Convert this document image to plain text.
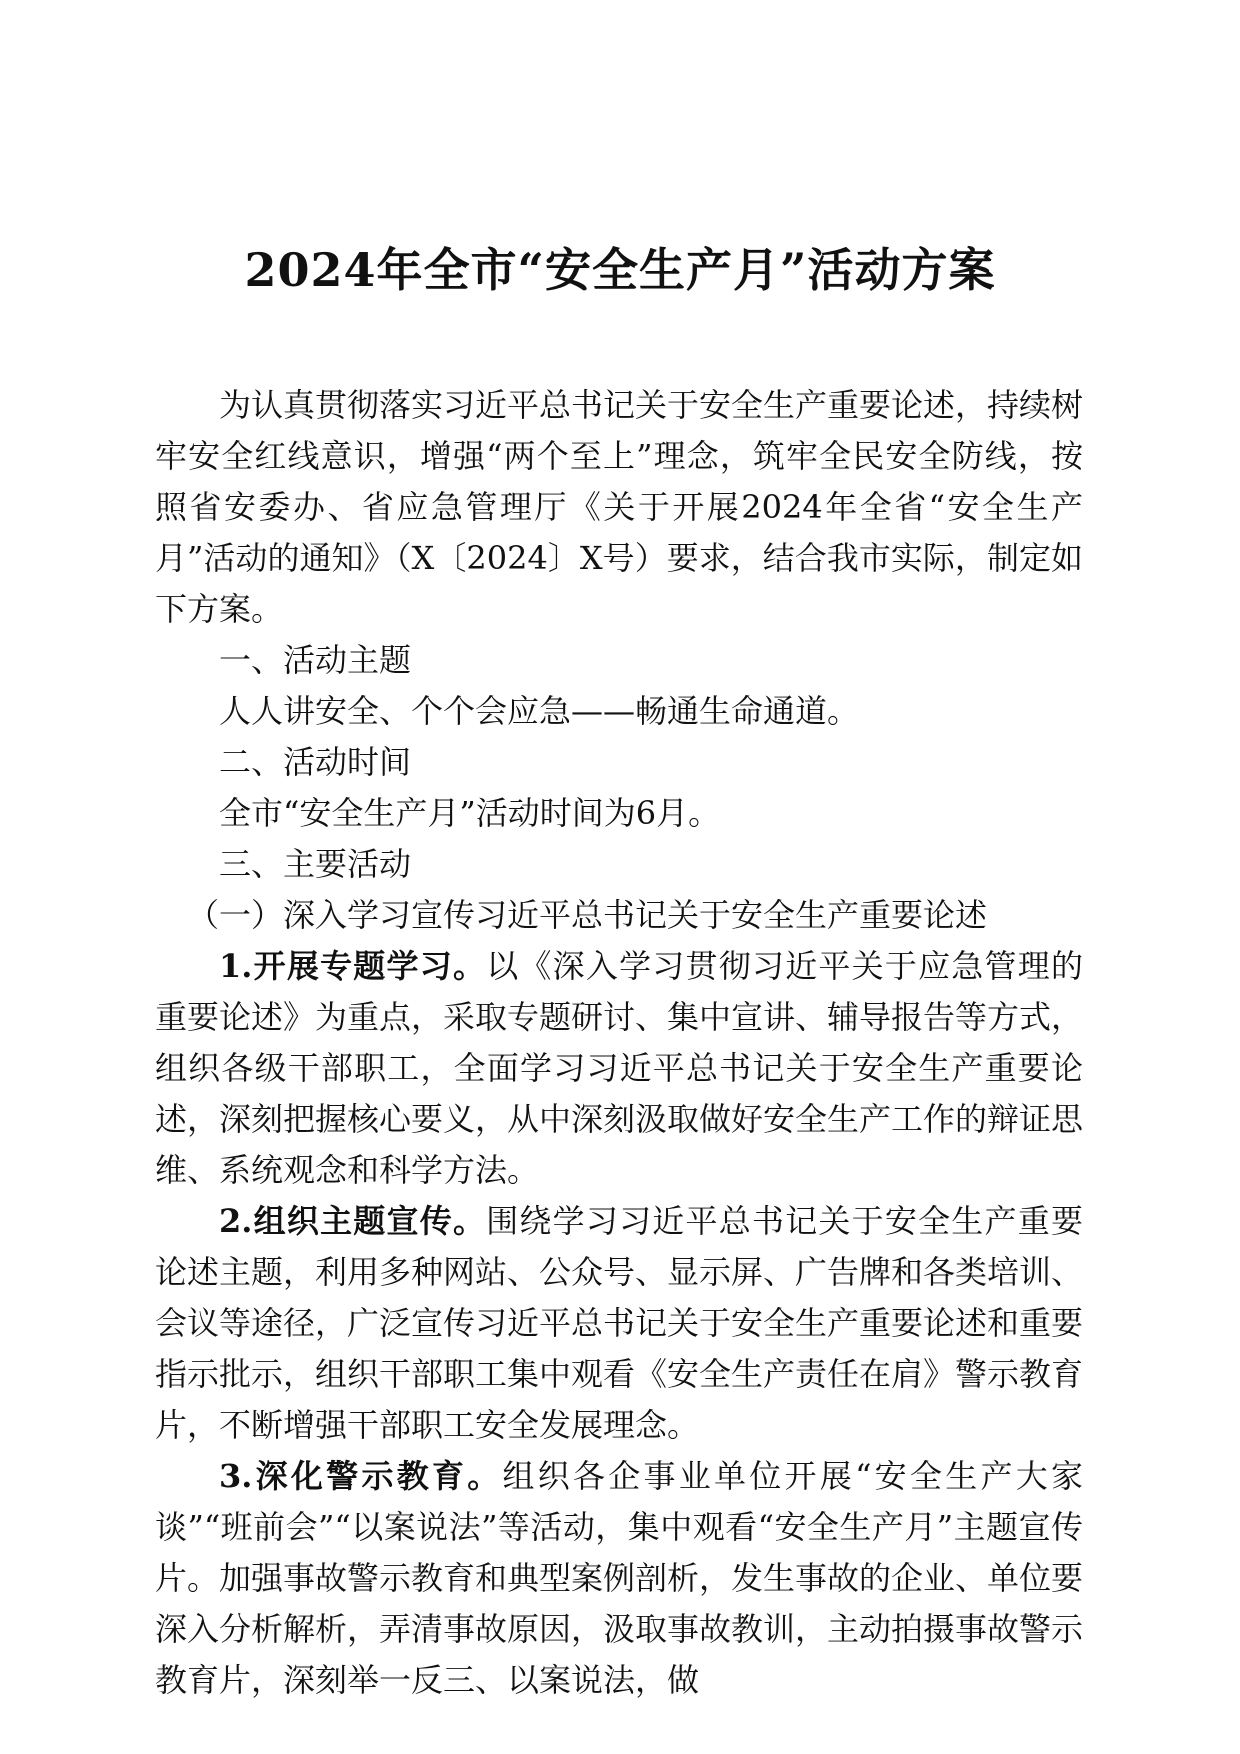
2024年全市“安全生产月”活动方案

为认真贯彻落实习近平总书记关于安全生产重要论述，持续树牢安全红线意识，增强“两个至上”理念，筑牢全民安全防线，按照省安委办、省应急管理厅《关于开展2024年全省“安全生产月”活动的通知》（X〔2024〕X号）要求，结合我市实际，制定如下方案。

一、活动主题

人人讲安全、个个会应急——畅通生命通道。

二、活动时间

全市“安全生产月”活动时间为6月。

三、主要活动

（一）深入学习宣传习近平总书记关于安全生产重要论述

1.开展专题学习。以《深入学习贯彻习近平关于应急管理的重要论述》为重点，采取专题研讨、集中宣讲、辅导报告等方式，组织各级干部职工，全面学习习近平总书记关于安全生产重要论述，深刻把握核心要义，从中深刻汲取做好安全生产工作的辩证思维、系统观念和科学方法。

2.组织主题宣传。围绕学习习近平总书记关于安全生产重要论述主题，利用多种网站、公众号、显示屏、广告牌和各类培训、会议等途径，广泛宣传习近平总书记关于安全生产重要论述和重要指示批示，组织干部职工集中观看《安全生产责任在肩》警示教育片，不断增强干部职工安全发展理念。

3.深化警示教育。组织各企事业单位开展“安全生产大家谈”“班前会”“以案说法”等活动，集中观看“安全生产月”主题宣传片。加强事故警示教育和典型案例剖析，发生事故的企业、单位要深入分析解析，弄清事故原因，汲取事故教训，主动拍摄事故警示教育片，深刻举一反三、以案说法，做
